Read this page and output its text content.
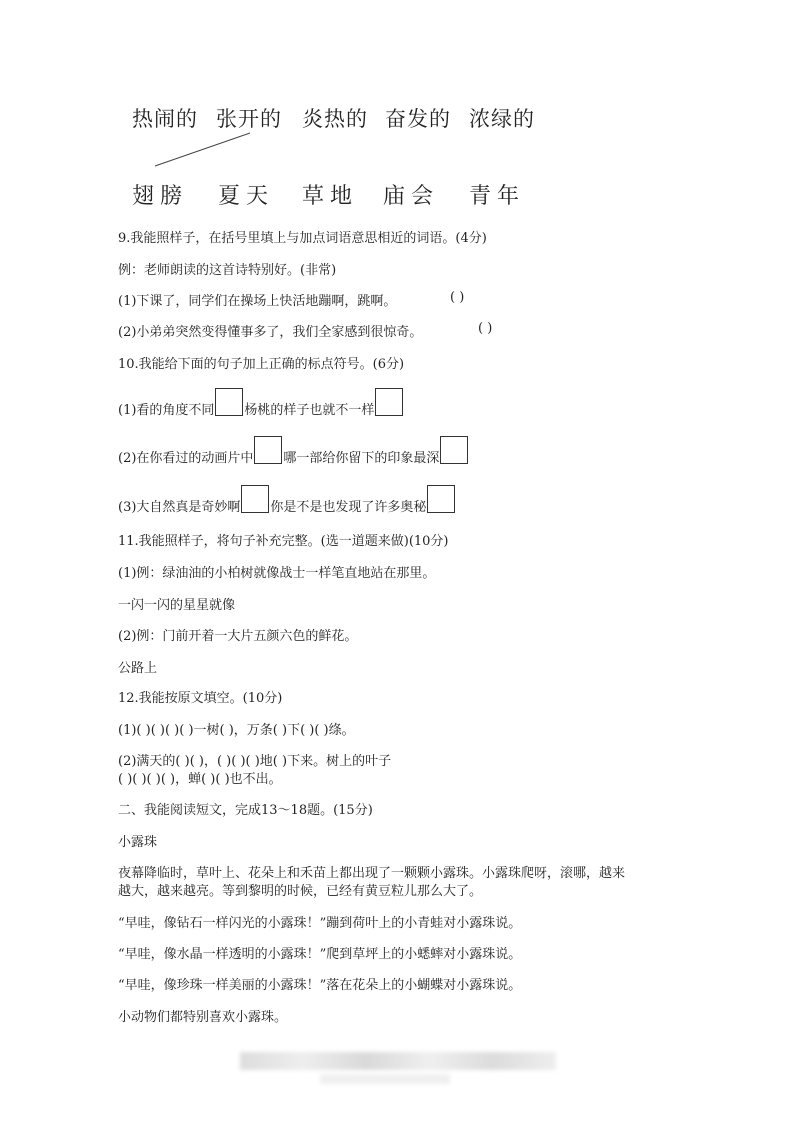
热闹的 张开的 炎热的 奋发的 浓绿的
翅膀 夏天 草地 庙会 青年
9.我能照样子，在括号里填上与加点词语意思相近的词语。(4分)
例：老师朗读的这首诗特别好。(非常)
(1)下课了，同学们在操场上快活地蹦啊，跳啊。	( )
(2)小弟弟突然变得懂事多了，我们全家感到很惊奇。	( )
10.我能给下面的句子加上正确的标点符号。(6分)
(1)看的角度不同 杨桃的样子也就不一样
(2)在你看过的动画片中 哪一部给你留下的印象最深
(3)大自然真是奇妙啊 你是不是也发现了许多奥秘
11.我能照样子，将句子补充完整。(选一道题来做)(10分)
(1)例：绿油油的小柏树就像战士一样笔直地站在那里。
一闪一闪的星星就像
(2)例：门前开着一大片五颜六色的鲜花。
公路上
12.我能按原文填空。(10分)
(1)( )( )( )( )一树( )，万条( )下( )( )绦。
(2)满天的( )( )，( )( )( )地( )下来。树上的叶子
( )( )( )( )，蝉( )( )也不出。
二、我能阅读短文，完成13～18题。(15分)
小露珠
夜幕降临时，草叶上、花朵上和禾苗上都出现了一颗颗小露珠。小露珠爬呀，滚哪，越来
越大，越来越亮。等到黎明的时候，已经有黄豆粒儿那么大了。
“早哇，像钻石一样闪光的小露珠！”蹦到荷叶上的小青蛙对小露珠说。
“早哇，像水晶一样透明的小露珠！”爬到草坪上的小蟋蟀对小露珠说。
“早哇，像珍珠一样美丽的小露珠！”落在花朵上的小蝴蝶对小露珠说。
小动物们都特别喜欢小露珠。
